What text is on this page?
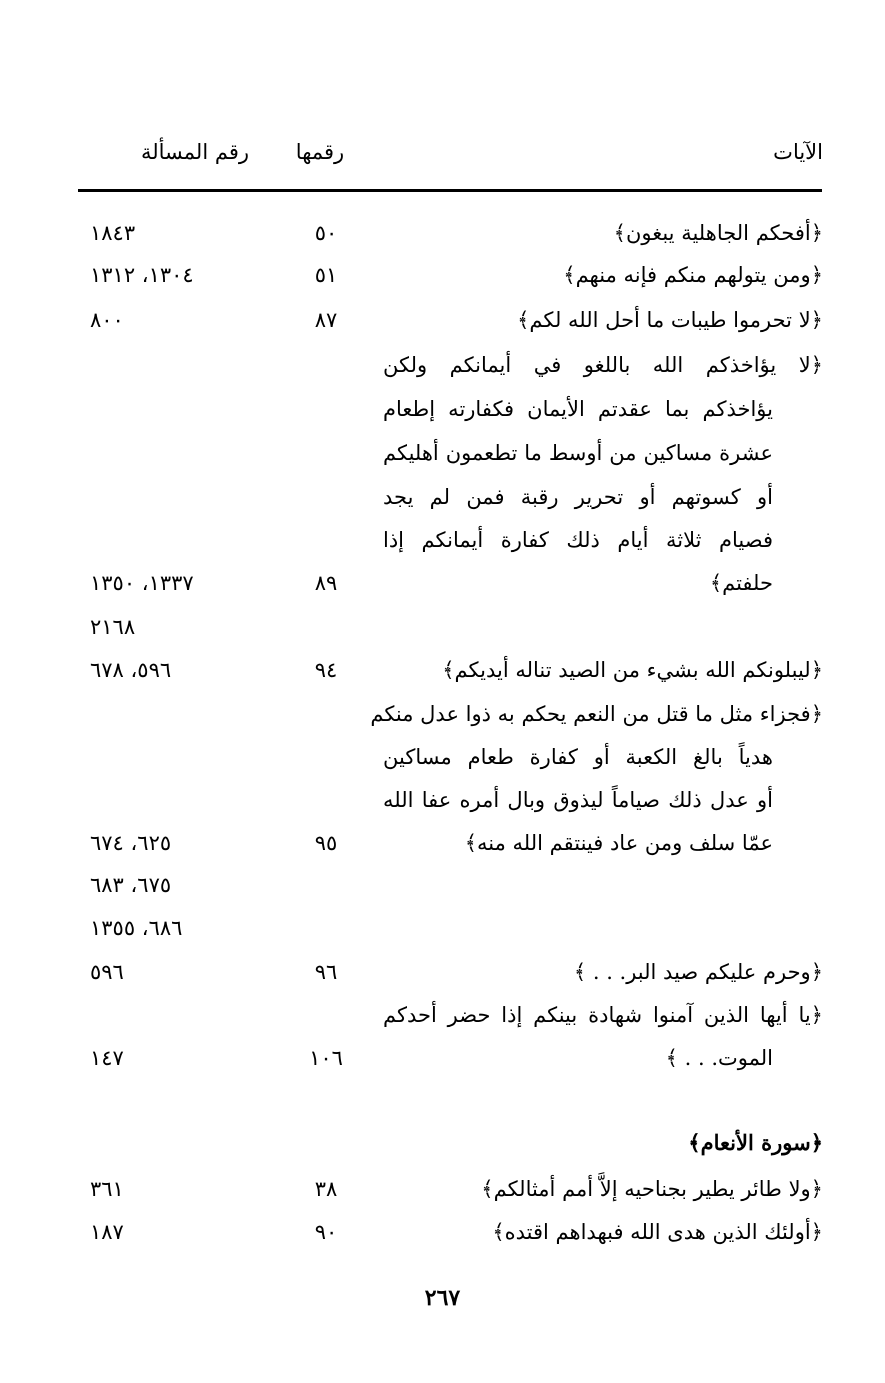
الآيات
رقمها
رقم المسألة
﴿أفحكم الجاهلية يبغون﴾
٥٠
١٨٤٣
﴿ومن يتولهم منكم فإنه منهم﴾
٥١
١٣٠٤، ١٣١٢
﴿لا تحرموا طيبات ما أحل الله لكم﴾
٨٧
٨٠٠
﴿لا يؤاخذكم الله باللغو في أيمانكم ولكن
يؤاخذكم بما عقدتم الأيمان فكفارته إطعام
عشرة مساكين من أوسط ما تطعمون أهليكم
أو كسوتهم أو تحرير رقبة فمن لم يجد
فصيام ثلاثة أيام ذلك كفارة أيمانكم إذا
حلفتم﴾
٨٩
١٣٣٧، ١٣٥٠
٢١٦٨
﴿ليبلونكم الله بشيء من الصيد تناله أيديكم﴾
٩٤
٥٩٦، ٦٧٨
﴿فجزاء مثل ما قتل من النعم يحكم به ذوا عدل منكم
هدياً بالغ الكعبة أو كفارة طعام مساكين
أو عدل ذلك صياماً ليذوق وبال أمره عفا الله
عمّا سلف ومن عاد فينتقم الله منه﴾
٩٥
٦٢٥، ٦٧٤
٦٧٥، ٦٨٣
٦٨٦، ١٣٥٥
﴿وحرم عليكم صيد البر. . . ﴾
٩٦
٥٩٦
﴿يا أيها الذين آمنوا شهادة بينكم إذا حضر أحدكم
الموت. . . ﴾
١٠٦
١٤٧
﴿سورة الأنعام﴾
﴿ولا طائر يطير بجناحيه إلاَّ أمم أمثالكم﴾
٣٨
٣٦١
﴿أولئك الذين هدى الله فبهداهم اقتده﴾
٩٠
١٨٧
٢٦٧
